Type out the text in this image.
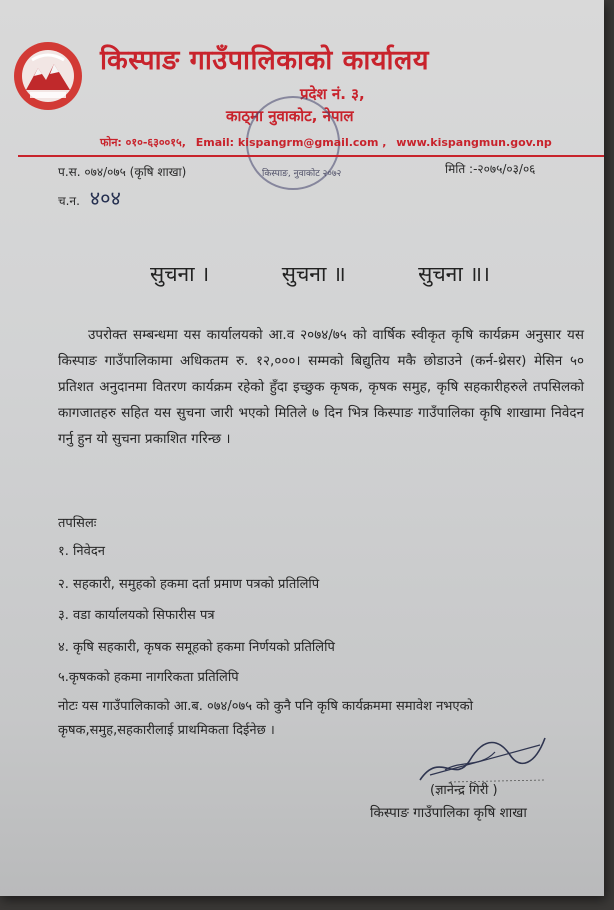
किस्पाङ गाउँपालिकाको कार्यालय
प्रदेश नं. ३,
काठ्मा नुवाकोट, नेपाल
किस्पाङ, नुवाकोट २०७२
फोन: ०१०-६३००१५, Email: kispangrm@gmail.com , www.kispangmun.gov.np
प.स. ०७४/०७५ (कृषि शाखा)
च.न. ४०४
मिति :-२०७५/०३/०६
सुचना ।	सुचना ॥	सुचना ॥।
उपरोक्त सम्बन्धमा यस कार्यालयको आ.व २०७४/७५ को वार्षिक स्वीकृत कृषि कार्यक्रम अनुसार यस किस्पाङ गाउँपालिकामा अधिकतम रु. १२,०००। सम्मको बिद्युतिय मकै छोडाउने (कर्न-थ्रेसर) मेसिन ५० प्रतिशत अनुदानमा वितरण कार्यक्रम रहेको हुँदा इच्छुक कृषक, कृषक समुह, कृषि सहकारीहरुले तपसिलको कागजातहरु सहित यस सुचना जारी भएको मितिले ७ दिन भित्र किस्पाङ गाउँपालिका कृषि शाखामा निवेदन गर्नु हुन यो सुचना प्रकाशित गरिन्छ ।
तपसिलः
१. निवेदन
२. सहकारी, समुहको हकमा दर्ता प्रमाण पत्रको प्रतिलिपि
३. वडा कार्यालयको सिफारीस पत्र
४. कृषि सहकारी, कृषक समूहको हकमा निर्णयको प्रतिलिपि
५.कृषकको हकमा नागरिकता प्रतिलिपि
नोटः यस गाउँपालिकाको आ.ब. ०७४/०७५ को कुनै पनि कृषि कार्यक्रममा समावेश नभएको कृषक,समुह,सहकारीलाई प्राथमिकता दिईनेछ ।
(ज्ञानेन्द्र गिरी )
किस्पाङ गाउँपालिका कृषि शाखा
